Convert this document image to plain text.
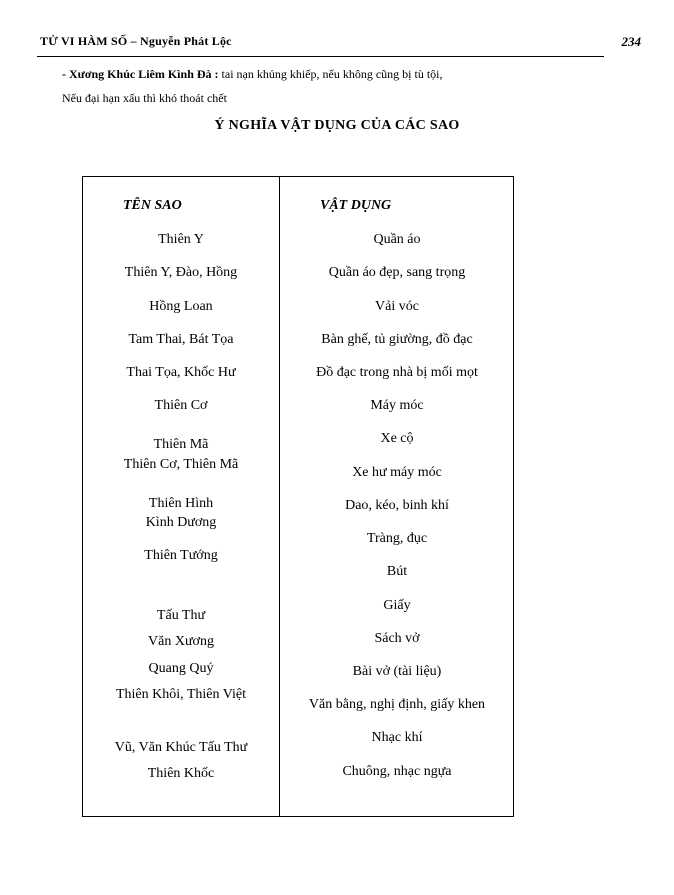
TỬ VI HÀM SỐ – Nguyễn Phát Lộc	234
- Xương Khúc Liêm Kình Đà : tai nạn khủng khiếp, nếu không cũng bị tù tội,
Nếu đại hạn xấu thì khó thoát chết
Ý NGHĨA VẬT DỤNG CỦA CÁC SAO
TÊN SAO	VẬT DỤNG
Thiên Y
Thiên Y, Đào, Hồng
Hồng Loan
Tam Thai, Bát Tọa
Thai Tọa, Khốc Hư
Thiên Cơ
Thiên Mã
Thiên Cơ, Thiên Mã
Thiên Hình
Kình Dương
Thiên Tướng
Tấu Thư
Văn Xương
Quang Quý
Thiên Khôi, Thiên Việt
Vũ, Văn Khúc Tấu Thư
Thiên Khốc
Quần áo
Quần áo đẹp, sang trọng
Vải vóc
Bàn ghế, tủ giường, đồ đạc
Đồ đạc trong nhà bị mối mọt
Máy móc
Xe cộ
Xe hư máy móc
Dao, kéo, binh khí
Tràng, đục
Bút
Giấy
Sách vở
Bài vở (tài liệu)
Văn bằng, nghị định, giấy khen
Nhạc khí
Chuông, nhạc ngựa
